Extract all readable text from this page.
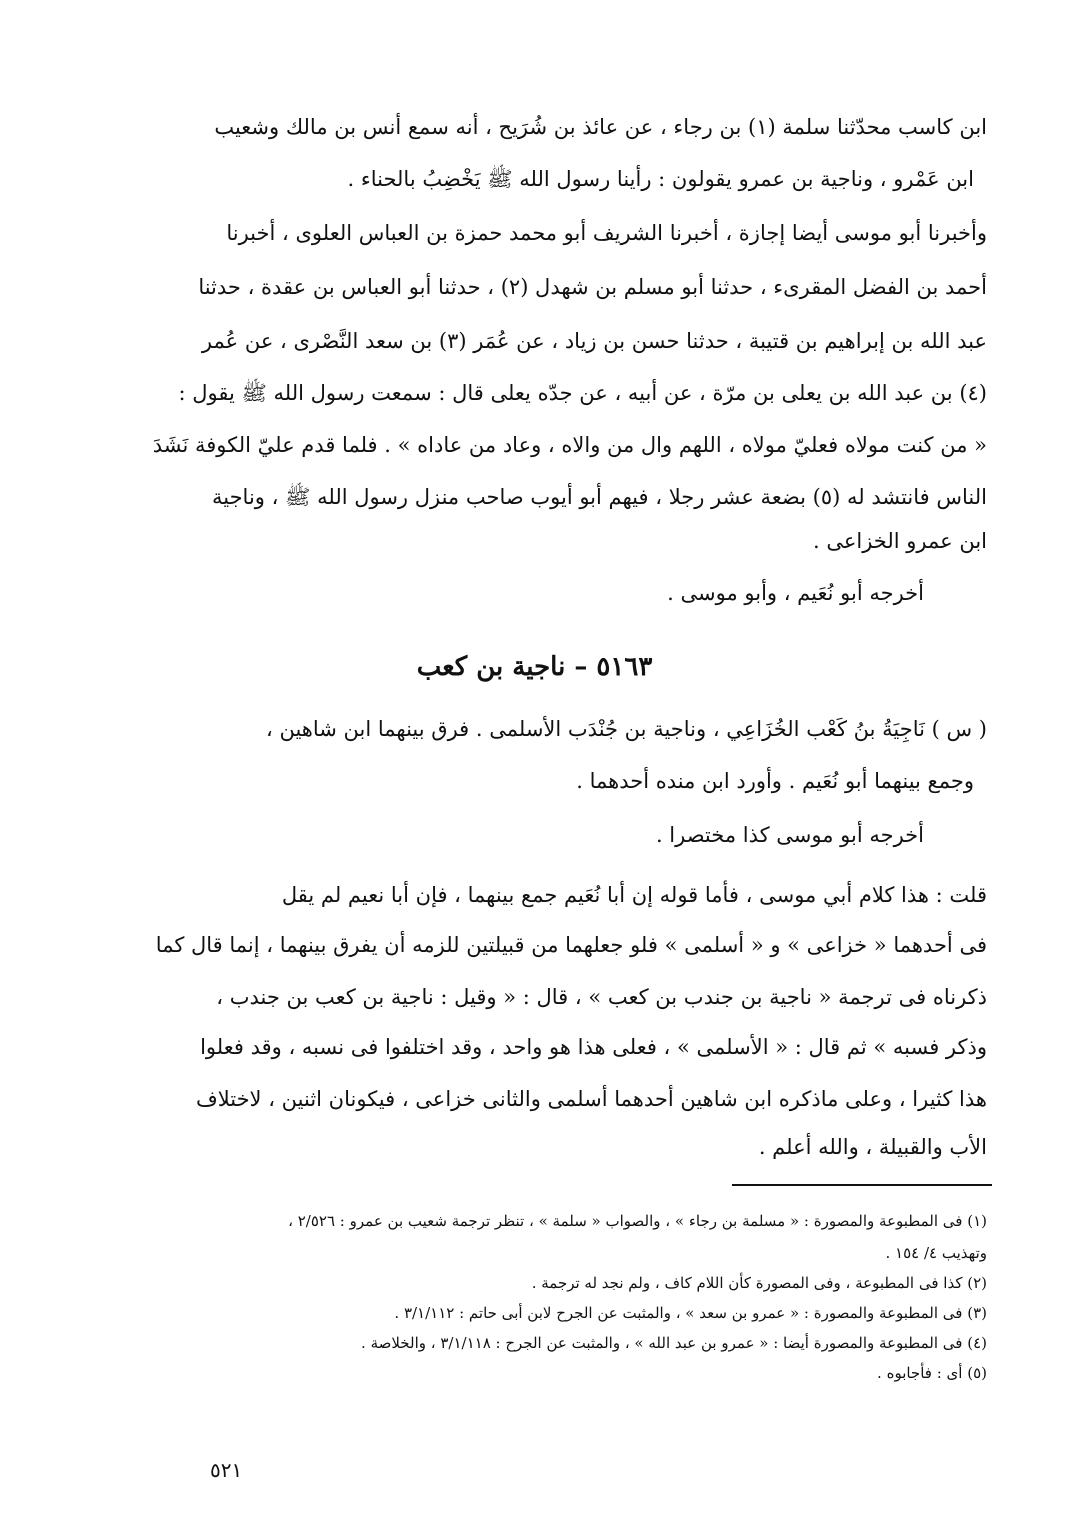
ابن كاسب محدّثنا سلمة (١) بن رجاء ، عن عائذ بن شُرَيح ، أنه سمع أنس بن مالك وشعيب
ابن عَمْرو ، وناجية بن عمرو يقولون : رأينا رسول الله ﷺ يَخْضِبُ بالحناء .
وأخبرنا أبو موسى أيضا إجازة ، أخبرنا الشريف أبو محمد حمزة بن العباس العلوى ، أخبرنا
أحمد بن الفضل المقرىء ، حدثنا أبو مسلم بن شهدل (٢) ، حدثنا أبو العباس بن عقدة ، حدثنا
عبد الله بن إبراهيم بن قتيبة ، حدثنا حسن بن زياد ، عن عُمَر (٣) بن سعد النَّصْرى ، عن عُمر
(٤) بن عبد الله بن يعلى بن مرّة ، عن أبيه ، عن جدّه يعلى قال : سمعت رسول الله ﷺ يقول :
« من كنت مولاه فعليّ مولاه ، اللهم وال من والاه ، وعاد من عاداه » . فلما قدم عليّ الكوفة نَشَدَ
الناس فانتشد له (٥) بضعة عشر رجلا ، فيهم أبو أيوب صاحب منزل رسول الله ﷺ ، وناجية
ابن عمرو الخزاعى .
أخرجه أبو نُعَيم ، وأبو موسى .
٥١٦٣ – ناجية بن كعب
( س ) نَاجِيَةُ بنُ كَعْب الخُزَاعِي ، وناجية بن جُنْدَب الأسلمى . فرق بينهما ابن شاهين ،
وجمع بينهما أبو نُعَيم . وأورد ابن منده أحدهما .
أخرجه أبو موسى كذا مختصرا .
قلت : هذا كلام أبي موسى ، فأما قوله إن أبا نُعَيم جمع بينهما ، فإن أبا نعيم لم يقل
فى أحدهما « خزاعى » و « أسلمى » فلو جعلهما من قبيلتين للزمه أن يفرق بينهما ، إنما قال كما
ذكرناه فى ترجمة « ناجية بن جندب بن كعب » ، قال : « وقيل : ناجية بن كعب بن جندب ،
وذكر فسبه » ثم قال : « الأسلمى » ، فعلى هذا هو واحد ، وقد اختلفوا فى نسبه ، وقد فعلوا
هذا كثيرا ، وعلى ماذكره ابن شاهين أحدهما أسلمى والثانى خزاعى ، فيكونان اثنين ، لاختلاف
الأب والقبيلة ، والله أعلم .
(١) فى المطبوعة والمصورة : « مسلمة بن رجاء » ، والصواب « سلمة » ، تنظر ترجمة شعيب بن عمرو : ٢/٥٢٦ ،
وتهذيب ٤/ ١٥٤ .
(٢) كذا فى المطبوعة ، وفى المصورة كأن اللام كاف ، ولم نجد له ترجمة .
(٣) فى المطبوعة والمصورة : « عمرو بن سعد » ، والمثبت عن الجرح لابن أبى حاتم : ٣/١/١١٢ .
(٤) فى المطبوعة والمصورة أيضا : « عمرو بن عبد الله » ، والمثبت عن الجرح : ٣/١/١١٨ ، والخلاصة .
(٥) أى : فأجابوه .
٥٢١
